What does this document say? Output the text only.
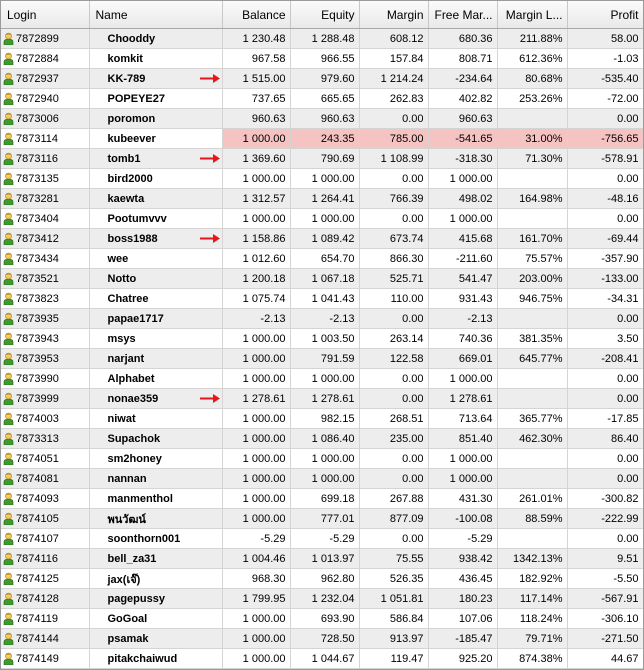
Login	Name	Balance	Equity	Margin	Free Mar...	Margin L...	Profit
7872899	Chooddy	1 230.48	1 288.48	608.12	680.36	211.88%	58.00
7872884	komkit	967.58	966.55	157.84	808.71	612.36%	-1.03
7872937	KK-789	1 515.00	979.60	1 214.24	-234.64	80.68%	-535.40
7872940	POPEYE27	737.65	665.65	262.83	402.82	253.26%	-72.00
7873006	poromon	960.63	960.63	0.00	960.63		0.00
7873114	kubeever	1 000.00	243.35	785.00	-541.65	31.00%	-756.65
7873116	tomb1	1 369.60	790.69	1 108.99	-318.30	71.30%	-578.91
7873135	bird2000	1 000.00	1 000.00	0.00	1 000.00		0.00
7873281	kaewta	1 312.57	1 264.41	766.39	498.02	164.98%	-48.16
7873404	Pootumvvv	1 000.00	1 000.00	0.00	1 000.00		0.00
7873412	boss1988	1 158.86	1 089.42	673.74	415.68	161.70%	-69.44
7873434	wee	1 012.60	654.70	866.30	-211.60	75.57%	-357.90
7873521	Notto	1 200.18	1 067.18	525.71	541.47	203.00%	-133.00
7873823	Chatree	1 075.74	1 041.43	110.00	931.43	946.75%	-34.31
7873935	papae1717	-2.13	-2.13	0.00	-2.13		0.00
7873943	msys	1 000.00	1 003.50	263.14	740.36	381.35%	3.50
7873953	narjant	1 000.00	791.59	122.58	669.01	645.77%	-208.41
7873990	Alphabet	1 000.00	1 000.00	0.00	1 000.00		0.00
7873999	nonae359	1 278.61	1 278.61	0.00	1 278.61		0.00
7874003	niwat	1 000.00	982.15	268.51	713.64	365.77%	-17.85
7873313	Supachok	1 000.00	1 086.40	235.00	851.40	462.30%	86.40
7874051	sm2honey	1 000.00	1 000.00	0.00	1 000.00		0.00
7874081	nannan	1 000.00	1 000.00	0.00	1 000.00		0.00
7874093	manmenthol	1 000.00	699.18	267.88	431.30	261.01%	-300.82
7874105	พนวัฒน์	1 000.00	777.01	877.09	-100.08	88.59%	-222.99
7874107	soonthorn001	-5.29	-5.29	0.00	-5.29		0.00
7874116	bell_za31	1 004.46	1 013.97	75.55	938.42	1342.13%	9.51
7874125	jax(เจ๊)	968.30	962.80	526.35	436.45	182.92%	-5.50
7874128	pagepussy	1 799.95	1 232.04	1 051.81	180.23	117.14%	-567.91
7874119	GoGoal	1 000.00	693.90	586.84	107.06	118.24%	-306.10
7874144	psamak	1 000.00	728.50	913.97	-185.47	79.71%	-271.50
7874149	pitakchaiwud	1 000.00	1 044.67	119.47	925.20	874.38%	44.67
